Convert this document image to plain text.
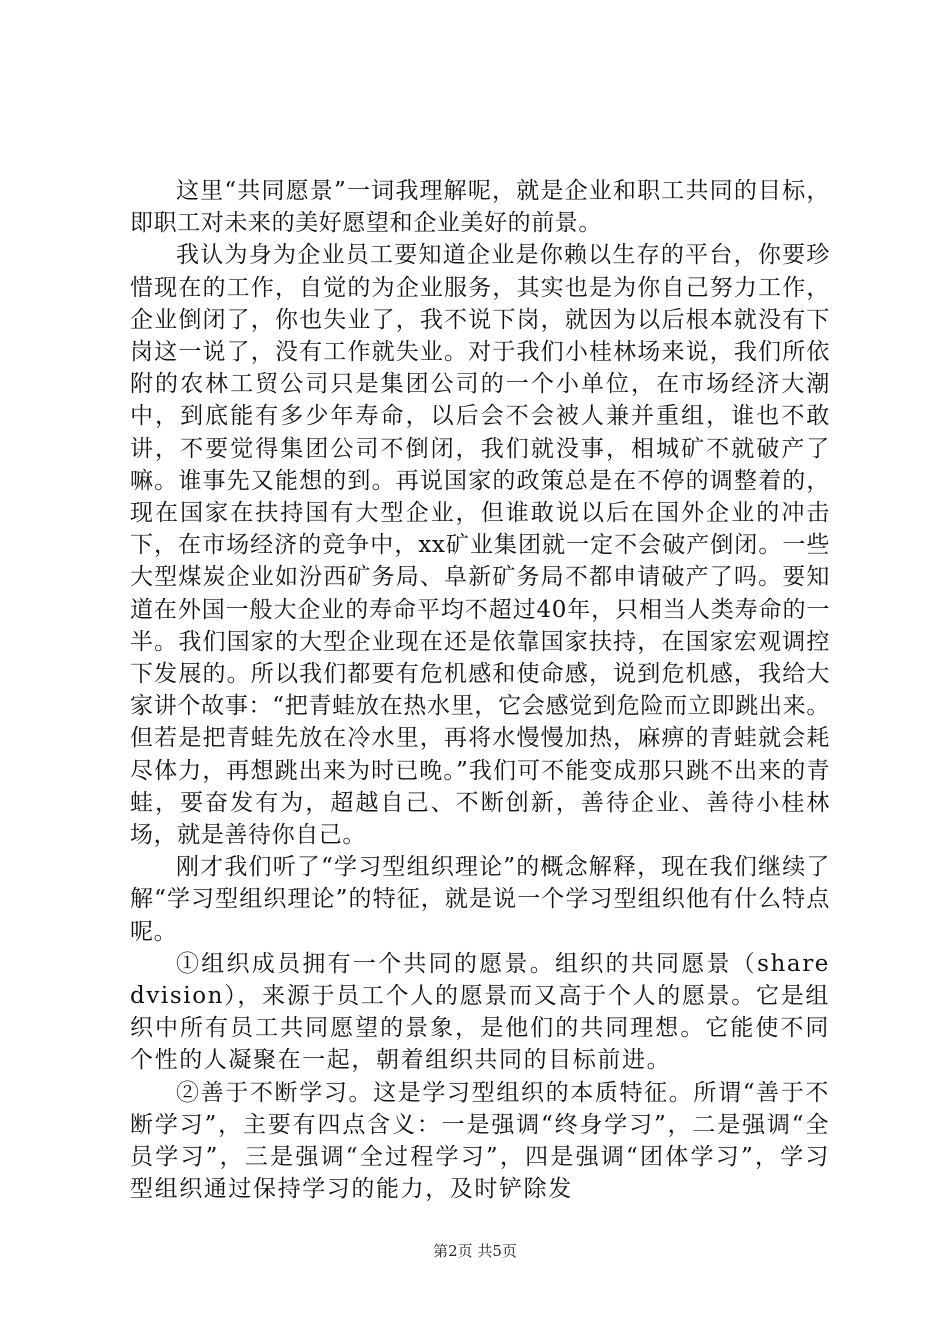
这里“共同愿景”一词我理解呢，就是企业和职工共同的目标，即职工对未来的美好愿望和企业美好的前景。

我认为身为企业员工要知道企业是你赖以生存的平台，你要珍惜现在的工作，自觉的为企业服务，其实也是为你自己努力工作，企业倒闭了，你也失业了，我不说下岗，就因为以后根本就没有下岗这一说了，没有工作就失业。对于我们小桂林场来说，我们所依附的农林工贸公司只是集团公司的一个小单位，在市场经济大潮中，到底能有多少年寿命，以后会不会被人兼并重组，谁也不敢讲，不要觉得集团公司不倒闭，我们就没事，相城矿不就破产了嘛。谁事先又能想的到。再说国家的政策总是在不停的调整着的，现在国家在扶持国有大型企业，但谁敢说以后在国外企业的冲击下，在市场经济的竞争中，xx矿业集团就一定不会破产倒闭。一些大型煤炭企业如汾西矿务局、阜新矿务局不都申请破产了吗。要知道在外国一般大企业的寿命平均不超过40年，只相当人类寿命的一半。我们国家的大型企业现在还是依靠国家扶持，在国家宏观调控下发展的。所以我们都要有危机感和使命感，说到危机感，我给大家讲个故事：“把青蛙放在热水里，它会感觉到危险而立即跳出来。但若是把青蛙先放在冷水里，再将水慢慢加热，麻痹的青蛙就会耗尽体力，再想跳出来为时已晚。”我们可不能变成那只跳不出来的青蛙，要奋发有为，超越自己、不断创新，善待企业、善待小桂林场，就是善待你自己。

刚才我们听了“学习型组织理论”的概念解释，现在我们继续了解“学习型组织理论”的特征，就是说一个学习型组织他有什么特点呢。

①组织成员拥有一个共同的愿景。组织的共同愿景（sharedvision），来源于员工个人的愿景而又高于个人的愿景。它是组织中所有员工共同愿望的景象，是他们的共同理想。它能使不同个性的人凝聚在一起，朝着组织共同的目标前进。

②善于不断学习。这是学习型组织的本质特征。所谓“善于不断学习”，主要有四点含义：一是强调“终身学习”，二是强调“全员学习”，三是强调“全过程学习”，四是强调“团体学习”，学习型组织通过保持学习的能力，及时铲除发

第2页 共5页
